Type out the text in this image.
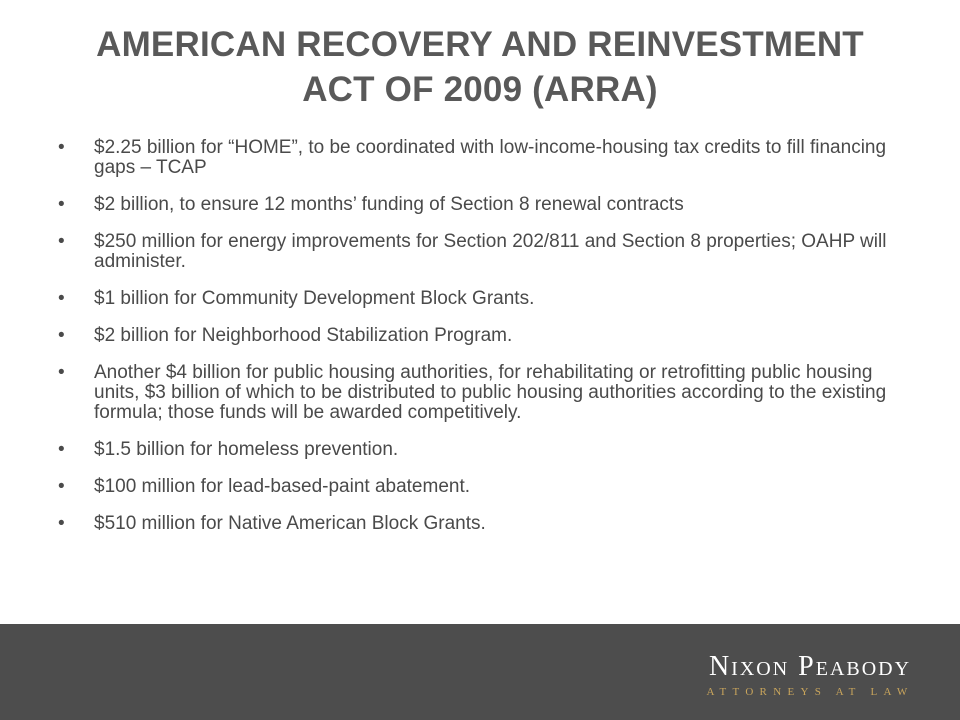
AMERICAN RECOVERY AND REINVESTMENT
ACT OF 2009 (ARRA)
•	$2.25 billion for “HOME”, to be coordinated with low-income-housing tax credits to fill financing gaps – TCAP
•	$2 billion, to ensure 12 months’ funding of Section 8 renewal contracts
•	$250 million for energy improvements for Section 202/811 and Section 8 properties; OAHP will administer.
•	$1 billion for Community Development Block Grants.
•	$2 billion for Neighborhood Stabilization Program.
•	Another $4 billion for public housing authorities, for rehabilitating or retrofitting public housing units, $3 billion of which to be distributed to public housing authorities according to the existing formula; those funds will be awarded competitively.
•	$1.5 billion for homeless prevention.
•	$100 million for lead-based-paint abatement.
•	$510 million for Native American Block Grants.
Nixon Peabody
ATTORNEYS AT LAW
